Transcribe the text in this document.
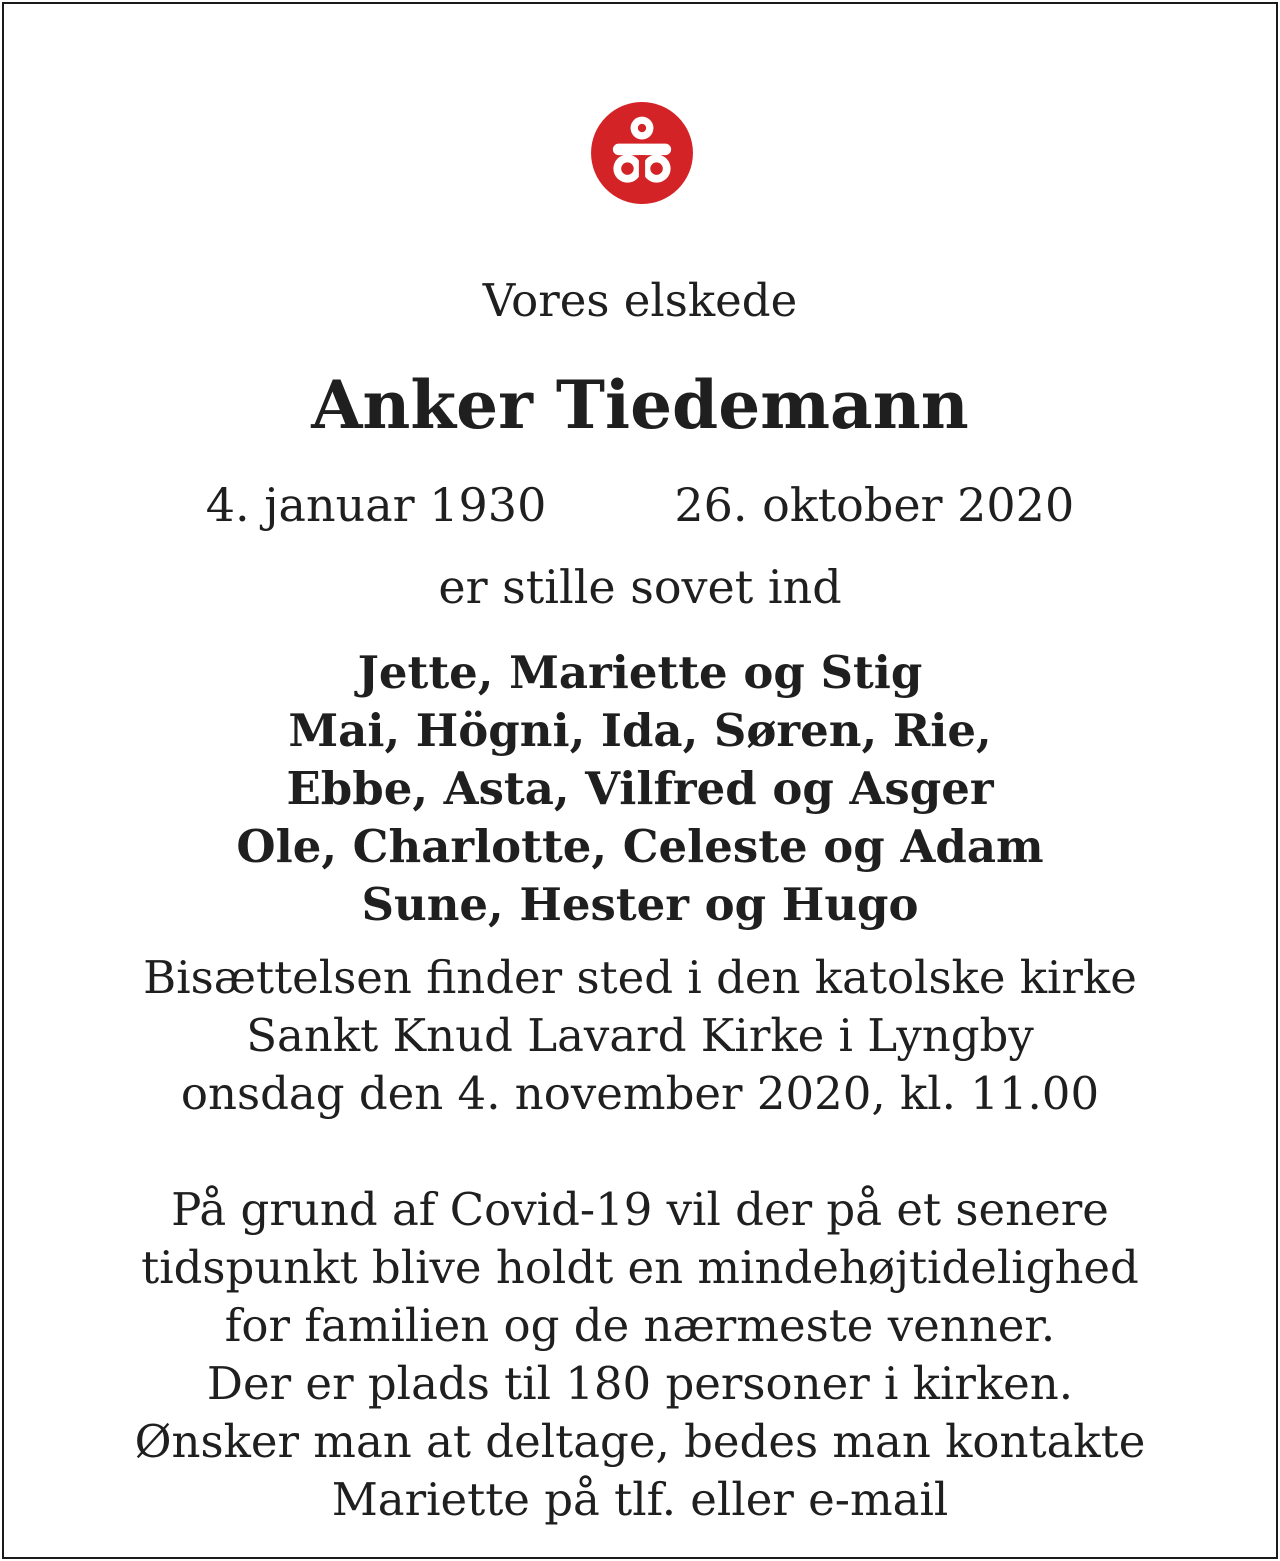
Vores elskede
Anker Tiedemann
4. januar 1930	26. oktober 2020
er stille sovet ind
Jette, Mariette og Stig
Mai, Högni, Ida, Søren, Rie,
Ebbe, Asta, Vilfred og Asger
Ole, Charlotte, Celeste og Adam
Sune, Hester og Hugo
Bisættelsen finder sted i den katolske kirke
Sankt Knud Lavard Kirke i Lyngby
onsdag den 4. november 2020, kl. 11.00
På grund af Covid-19 vil der på et senere
tidspunkt blive holdt en mindehøjtidelighed
for familien og de nærmeste venner.
Der er plads til 180 personer i kirken.
Ønsker man at deltage, bedes man kontakte
Mariette på tlf. eller e-mail
